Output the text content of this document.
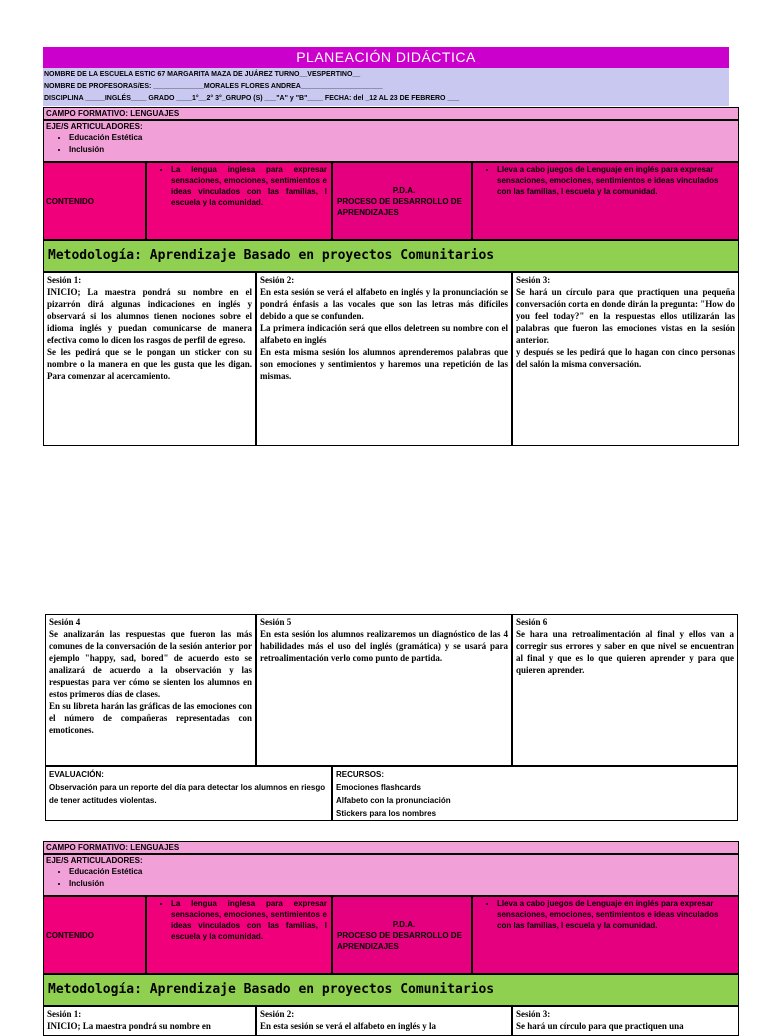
PLANEACIÓN DIDÁCTICA
NOMBRE DE LA ESCUELA ESTIC 67 MARGARITA MAZA DE JUÁREZ TURNO__VESPERTINO__
NOMBRE DE PROFESORAS/ES: _____________MORALES FLORES ANDREA_____________________
DISCIPLINA _____INGLÉS____ GRADO ____1°__2° 3°_GRUPO (S) ___"A" y "B"____ FECHA: del _12 AL 23 DE FEBRERO ___
CAMPO FORMATIVO: LENGUAJES
EJE/S ARTICULADORES:
• Educación Estética
• Inclusión
CONTENIDO
• La lengua inglesa para expresar sensaciones, emociones, sentimientos e ideas vinculados con las familias, l escuela y la comunidad.
P.D.A.
PROCESO DE DESARROLLO DE APRENDIZAJES
• Lleva a cabo juegos de Lenguaje en inglés para expresar sensaciones, emociones, sentimientos e ideas vinculados con las familias, l escuela y la comunidad.
Metodología: Aprendizaje Basado en proyectos Comunitarios
Sesión 1:
INICIO; La maestra pondrá su nombre en el pizarrón dirá algunas indicaciones en inglés y observará si los alumnos tienen nociones sobre el idioma inglés y puedan comunicarse de manera efectiva como lo dicen los rasgos de perfil de egreso.
Se les pedirá que se le pongan un sticker con su nombre o la manera en que les gusta que les digan. Para comenzar al acercamiento.
Sesión 2:
En esta sesión se verá el alfabeto en inglés y la pronunciación se pondrá énfasis a las vocales que son las letras más difíciles debido a que se confunden.
La primera indicación será que ellos deletreen su nombre con el alfabeto en inglés
En esta misma sesión los alumnos aprenderemos palabras que son emociones y sentimientos y haremos una repetición de las mismas.
Sesión 3:
Se hará un círculo para que practiquen una pequeña conversación corta en donde dirán la pregunta: "How do you feel today?" en la respuestas ellos utilizarán las palabras que fueron las emociones vistas en la sesión anterior.
y después se les pedirá que lo hagan con cinco personas del salón la misma conversación.
Sesión 4
Se analizarán las respuestas que fueron las más comunes de la conversación de la sesión anterior por ejemplo "happy, sad, bored" de acuerdo esto se analizará de acuerdo a la observación y las respuestas para ver cómo se sienten los alumnos en estos primeros días de clases.
En su libreta harán las gráficas de las emociones con el número de compañeras representadas con emoticones.
Sesión 5
En esta sesión los alumnos realizaremos un diagnóstico de las 4 habilidades más el uso del inglés (gramática) y se usará para retroalimentación verlo como punto de partida.
Sesión 6
Se hara una retroalimentación al final y ellos van a corregir sus errores y saber en que nivel se encuentran al final y que es lo que quieren aprender y para que quieren aprender.
EVALUACIÓN:
Observación para un reporte del día para detectar los alumnos en riesgo de tener actitudes violentas.
RECURSOS:
Emociones flashcards
Alfabeto con la pronunciación
Stickers para los nombres
CAMPO FORMATIVO: LENGUAJES
EJE/S ARTICULADORES:
• Educación Estética
• Inclusión
CONTENIDO
• La lengua inglesa para expresar sensaciones, emociones, sentimientos e ideas vinculados con las familias, l escuela y la comunidad.
P.D.A.
PROCESO DE DESARROLLO DE APRENDIZAJES
• Lleva a cabo juegos de Lenguaje en inglés para expresar sensaciones, emociones, sentimientos e ideas vinculados con las familias, l escuela y la comunidad.
Metodología: Aprendizaje Basado en proyectos Comunitarios
Sesión 1:
INICIO; La maestra pondrá su nombre en
Sesión 2:
En esta sesión se verá el alfabeto en inglés y la
Sesión 3:
Se hará un círculo para que practiquen una
